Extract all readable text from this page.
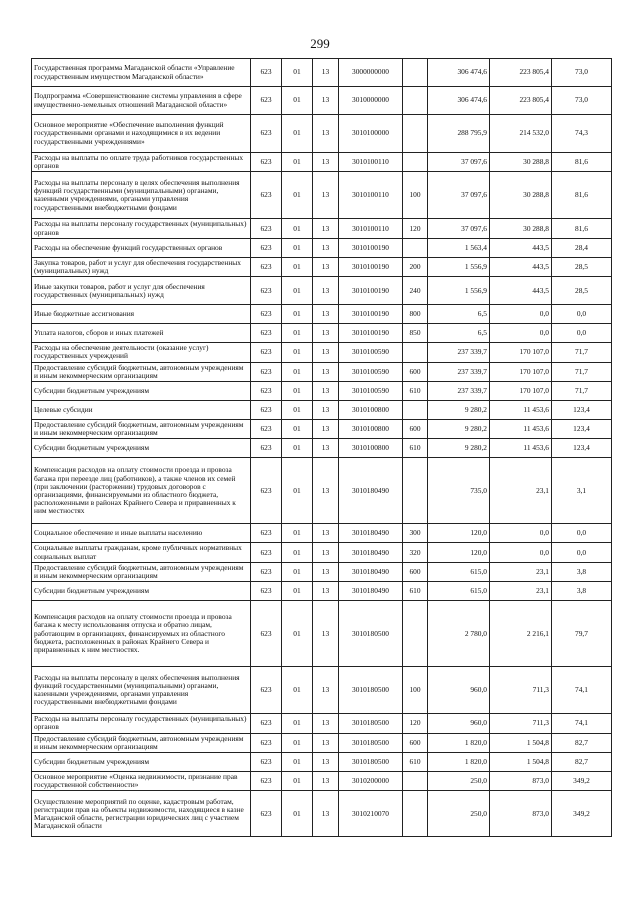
299
Государственная программа Магаданской области «Управление государственным имуществом Магаданской области»	623	01	13	3000000000		306 474,6	223 805,4	73,0
Подпрограмма «Совершенствование системы управления в сфере имущественно-земельных отношений Магаданской области»	623	01	13	3010000000		306 474,6	223 805,4	73,0
Основное мероприятие «Обеспечение выполнения функций государственными органами и находящимися в их ведении государственными учреждениями»	623	01	13	3010100000		288 795,9	214 532,0	74,3
Расходы на выплаты по оплате труда работников государственных органов	623	01	13	3010100110		37 097,6	30 288,8	81,6
Расходы на выплаты персоналу в целях обеспечения выполнения функций государственными (муниципальными) органами, казенными учреждениями, органами управления государственными внебюджетными фондами	623	01	13	3010100110	100	37 097,6	30 288,8	81,6
Расходы на выплаты персоналу государственных (муниципальных) органов	623	01	13	3010100110	120	37 097,6	30 288,8	81,6
Расходы на обеспечение функций государственных органов	623	01	13	3010100190		1 563,4	443,5	28,4
Закупка товаров, работ и услуг для обеспечения государственных (муниципальных) нужд	623	01	13	3010100190	200	1 556,9	443,5	28,5
Иные закупки товаров, работ и услуг для обеспечения государственных (муниципальных) нужд	623	01	13	3010100190	240	1 556,9	443,5	28,5
Иные бюджетные ассигнования	623	01	13	3010100190	800	6,5	0,0	0,0
Уплата налогов, сборов и иных платежей	623	01	13	3010100190	850	6,5	0,0	0,0
Расходы на обеспечение деятельности (оказание услуг) государственных учреждений	623	01	13	3010100590		237 339,7	170 107,0	71,7
Предоставление субсидий бюджетным, автономным учреждениям и иным некоммерческим организациям	623	01	13	3010100590	600	237 339,7	170 107,0	71,7
Субсидии бюджетным учреждениям	623	01	13	3010100590	610	237 339,7	170 107,0	71,7
Целевые субсидии	623	01	13	3010100800		9 280,2	11 453,6	123,4
Предоставление субсидий бюджетным, автономным учреждениям и иным некоммерческим организациям	623	01	13	3010100800	600	9 280,2	11 453,6	123,4
Субсидии бюджетным учреждениям	623	01	13	3010100800	610	9 280,2	11 453,6	123,4
Компенсация расходов на оплату стоимости проезда и провоза багажа при переезде лиц (работников), а также членов их семей (при заключении (расторжении) трудовых договоров с организациями, финансируемыми из областного бюджета, расположенными в районах Крайнего Севера и приравненных к ним местностях	623	01	13	3010180490		735,0	23,1	3,1
Социальное обеспечение и иные выплаты населению	623	01	13	3010180490	300	120,0	0,0	0,0
Социальные выплаты гражданам, кроме публичных нормативных социальных выплат	623	01	13	3010180490	320	120,0	0,0	0,0
Предоставление субсидий бюджетным, автономным учреждениям и иным некоммерческим организациям	623	01	13	3010180490	600	615,0	23,1	3,8
Субсидии бюджетным учреждениям	623	01	13	3010180490	610	615,0	23,1	3,8
Компенсация расходов на оплату стоимости проезда и провоза багажа к месту использования отпуска и обратно лицам, работающим в организациях, финансируемых из областного бюджета, расположенных в районах Крайнего Севера и приравненных к ним местностях.	623	01	13	3010180500		2 780,0	2 216,1	79,7
Расходы на выплаты персоналу в целях обеспечения выполнения функций государственными (муниципальными) органами, казенными учреждениями, органами управления государственными внебюджетными фондами	623	01	13	3010180500	100	960,0	711,3	74,1
Расходы на выплаты персоналу государственных (муниципальных) органов	623	01	13	3010180500	120	960,0	711,3	74,1
Предоставление субсидий бюджетным, автономным учреждениям и иным некоммерческим организациям	623	01	13	3010180500	600	1 820,0	1 504,8	82,7
Субсидии бюджетным учреждениям	623	01	13	3010180500	610	1 820,0	1 504,8	82,7
Основное мероприятие «Оценка недвижимости, признание прав государственной собственности»	623	01	13	3010200000		250,0	873,0	349,2
Осуществление мероприятий по оценке, кадастровым работам, регистрации прав на объекты недвижимости, находящиеся в казне Магаданской области, регистрации юридических лиц с участием Магаданской области	623	01	13	3010210070		250,0	873,0	349,2
